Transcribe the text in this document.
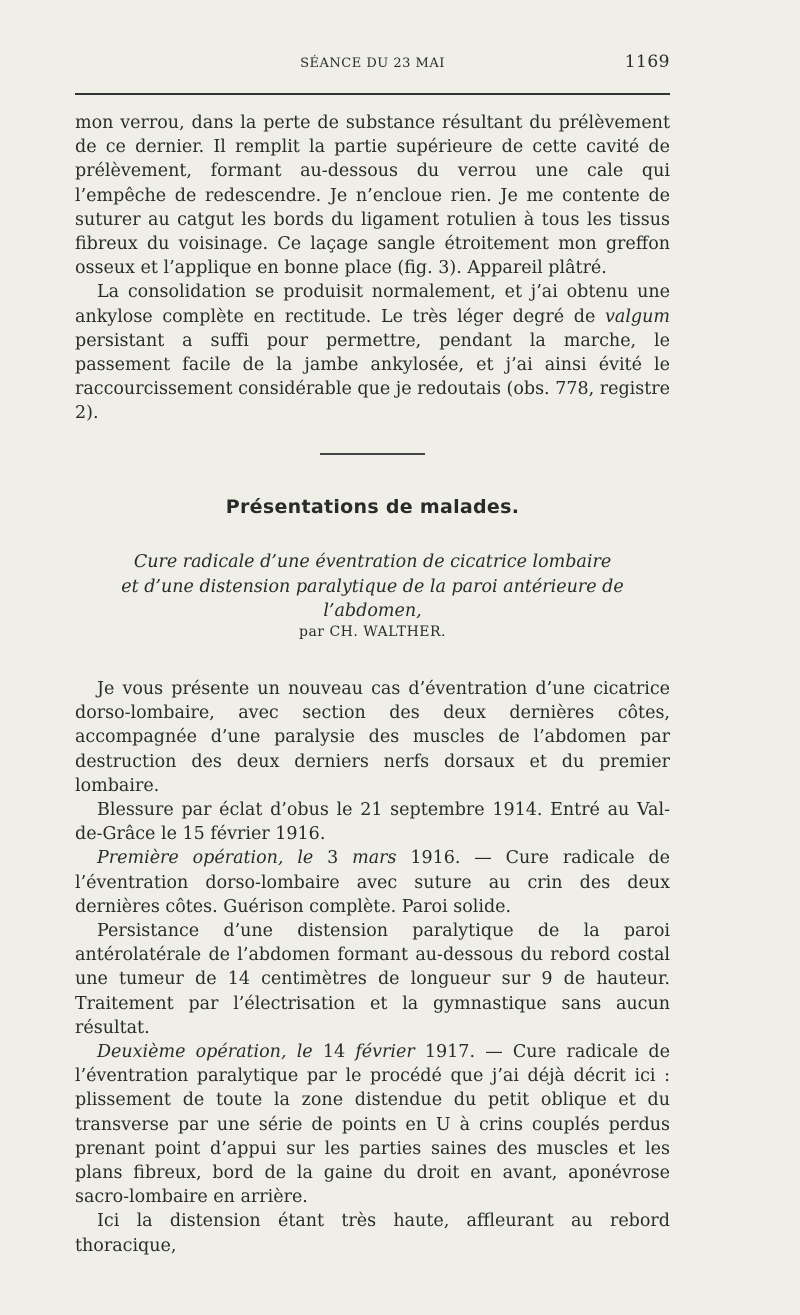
SÉANCE DU 23 MAI	1169

mon verrou, dans la perte de substance résultant du prélèvement de ce dernier. Il remplit la partie supérieure de cette cavité de prélèvement, formant au-dessous du verrou une cale qui l’empêche de redescendre. Je n’encloue rien. Je me contente de suturer au catgut les bords du ligament rotulien à tous les tissus fibreux du voisinage. Ce laçage sangle étroitement mon greffon osseux et l’applique en bonne place (fig. 3). Appareil plâtré.

La consolidation se produisit normalement, et j’ai obtenu une ankylose complète en rectitude. Le très léger degré de valgum persistant a suffi pour permettre, pendant la marche, le passement facile de la jambe ankylosée, et j’ai ainsi évité le raccourcissement considérable que je redoutais (obs. 778, registre 2).

Présentations de malades.
Cure radicale d’une éventration de cicatrice lombaire
et d’une distension paralytique de la paroi antérieure de l’abdomen,
par CH. WALTHER.

Je vous présente un nouveau cas d’éventration d’une cicatrice dorso-lombaire, avec section des deux dernières côtes, accompagnée d’une paralysie des muscles de l’abdomen par destruction des deux derniers nerfs dorsaux et du premier lombaire.

Blessure par éclat d’obus le 21 septembre 1914. Entré au Val-de-Grâce le 15 février 1916.

Première opération, le 3 mars 1916. — Cure radicale de l’éventration dorso-lombaire avec suture au crin des deux dernières côtes. Guérison complète. Paroi solide.

Persistance d’une distension paralytique de la paroi antérolatérale de l’abdomen formant au-dessous du rebord costal une tumeur de 14 centimètres de longueur sur 9 de hauteur. Traitement par l’électrisation et la gymnastique sans aucun résultat.

Deuxième opération, le 14 février 1917. — Cure radicale de l’éventration paralytique par le procédé que j’ai déjà décrit ici : plissement de toute la zone distendue du petit oblique et du transverse par une série de points en U à crins couplés perdus prenant point d’appui sur les parties saines des muscles et les plans fibreux, bord de la gaine du droit en avant, aponévrose sacro-lombaire en arrière.

Ici la distension étant très haute, affleurant au rebord thoracique,
